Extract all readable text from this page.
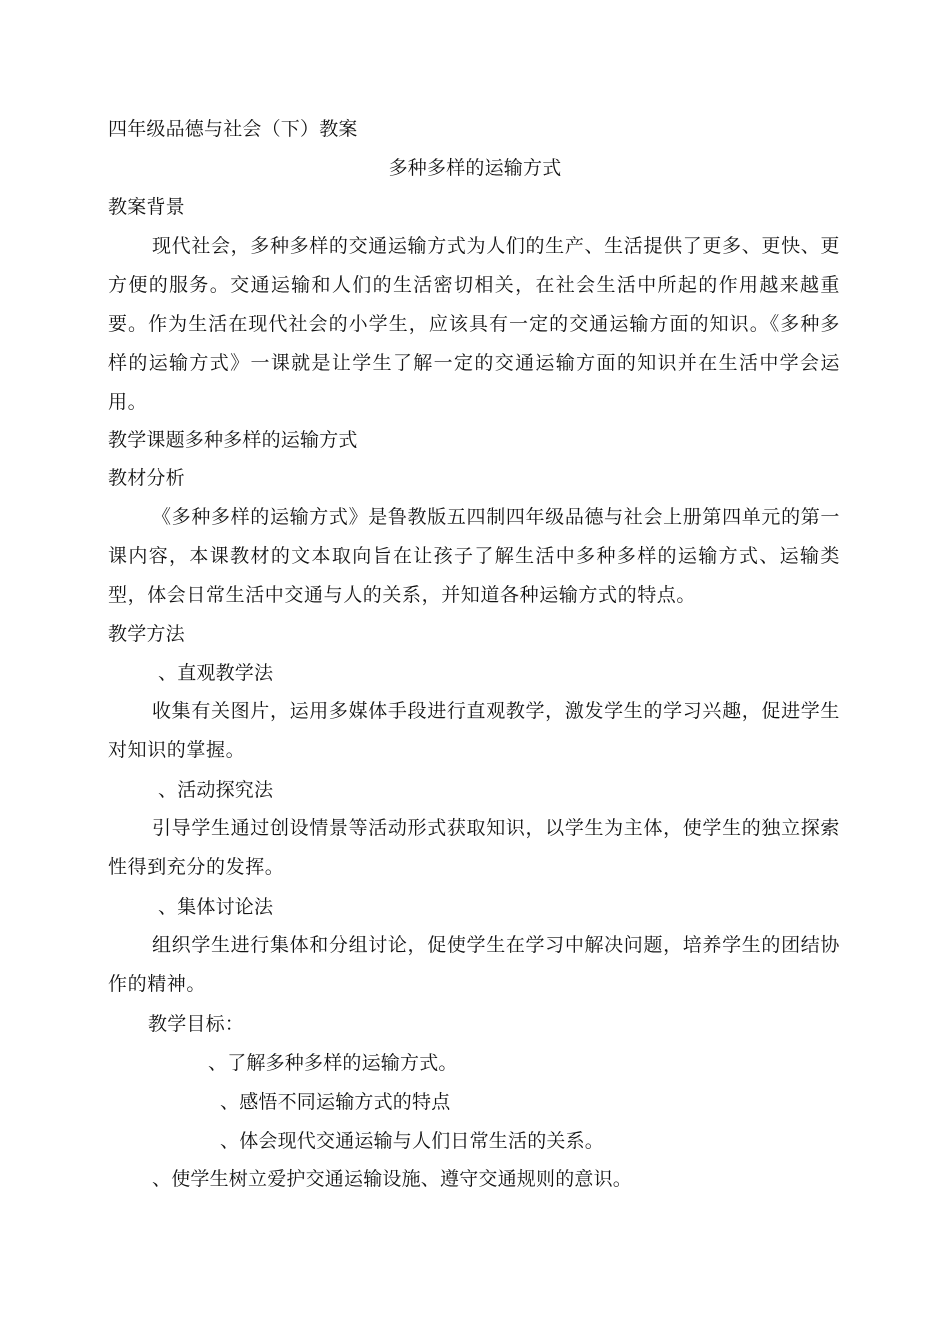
四年级品德与社会（下）教案
多种多样的运输方式
教案背景
现代社会，多种多样的交通运输方式为人们的生产、生活提供了更多、更快、更方便的服务。交通运输和人们的生活密切相关，在社会生活中所起的作用越来越重要。作为生活在现代社会的小学生，应该具有一定的交通运输方面的知识。《多种多样的运输方式》一课就是让学生了解一定的交通运输方面的知识并在生活中学会运用。
教学课题多种多样的运输方式
教材分析
《多种多样的运输方式》是鲁教版五四制四年级品德与社会上册第四单元的第一课内容，本课教材的文本取向旨在让孩子了解生活中多种多样的运输方式、运输类型，体会日常生活中交通与人的关系，并知道各种运输方式的特点。
教学方法
、直观教学法
收集有关图片，运用多媒体手段进行直观教学，激发学生的学习兴趣，促进学生对知识的掌握。
、活动探究法
引导学生通过创设情景等活动形式获取知识，以学生为主体，使学生的独立探索性得到充分的发挥。
、集体讨论法
组织学生进行集体和分组讨论，促使学生在学习中解决问题，培养学生的团结协作的精神。
教学目标：
、了解多种多样的运输方式。
、感悟不同运输方式的特点
、体会现代交通运输与人们日常生活的关系。
、使学生树立爱护交通运输设施、遵守交通规则的意识。
